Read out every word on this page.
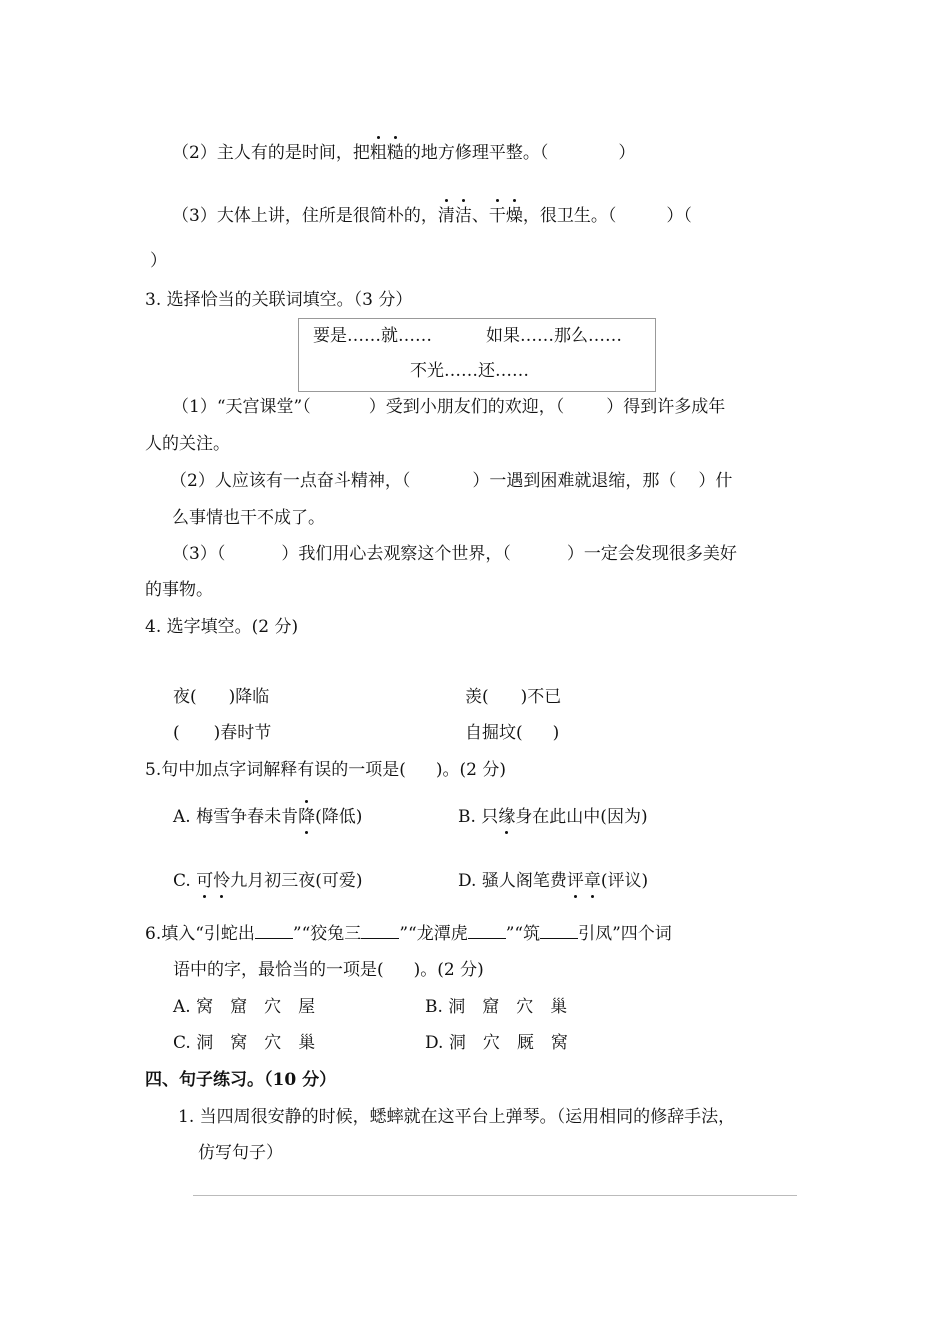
（2）主人有的是时间，把粗糙的地方修理平整。（	）
（3）大体上讲，住所是很简朴的，清洁、干燥，很卫生。（	）（
）
3. 选择恰当的关联词填空。（3 分）
要是……就……	如果……那么……
不光……还……
（1）“天宫课堂”（	）受到小朋友们的欢迎，（ ）得到许多成年
人的关注。
（2）人应该有一点奋斗精神，（	）一遇到困难就退缩，那（ ）什
么事情也干不成了。
（3）（	）我们用心去观察这个世界，（	）一定会发现很多美好
的事物。
4. 选字填空。(2 分)
夜( )降临	羡( )不已
( )春时节	自掘坟( )
5.句中加点字词解释有误的一项是( )。(2 分)
A. 梅雪争春未肯降(降低)	B. 只缘身在此山中(因为)
C. 可怜九月初三夜(可爱)	D. 骚人阁笔费评章(评议)
6.填入“引蛇出 ”“狡兔三 ”“龙潭虎 ”“筑 引凤”四个词
语中的字，最恰当的一项是( )。(2 分)
A. 窝　窟　穴　屋	B. 洞　窟　穴　巢
C. 洞　窝　穴　巢	D. 洞　穴　厩　窝
四、句子练习。（10 分）
1. 当四周很安静的时候，蟋蟀就在这平台上弹琴。（运用相同的修辞手法，
仿写句子）
